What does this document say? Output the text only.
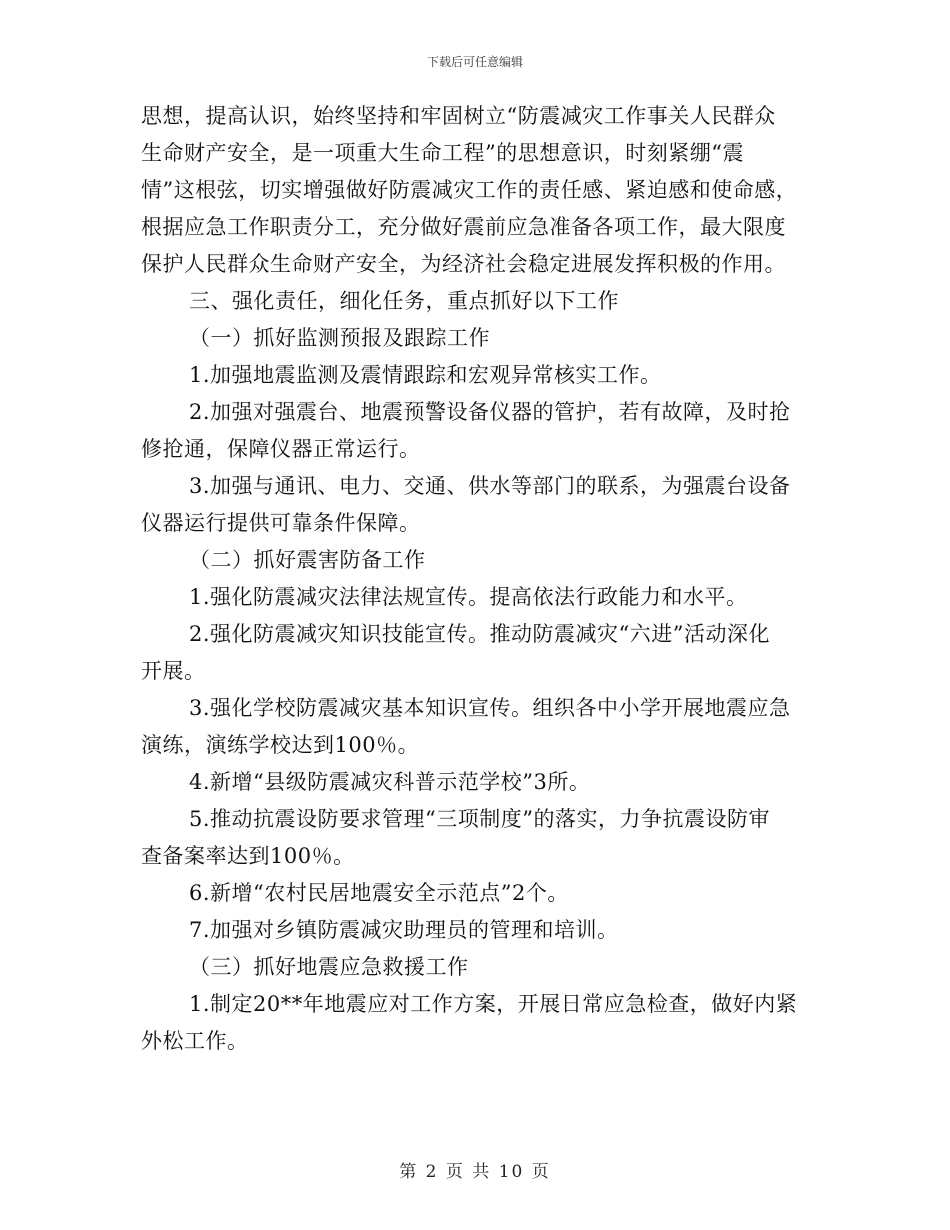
下载后可任意编辑
思想，提高认识，始终坚持和牢固树立“防震减灾工作事关人民群众
生命财产安全，是一项重大生命工程”的思想意识，时刻紧绷“震
情”这根弦，切实增强做好防震减灾工作的责任感、紧迫感和使命感，
根据应急工作职责分工，充分做好震前应急准备各项工作，最大限度
保护人民群众生命财产安全，为经济社会稳定进展发挥积极的作用。
三、强化责任，细化任务，重点抓好以下工作
（一）抓好监测预报及跟踪工作
1.加强地震监测及震情跟踪和宏观异常核实工作。
2.加强对强震台、地震预警设备仪器的管护，若有故障，及时抢
修抢通，保障仪器正常运行。
3.加强与通讯、电力、交通、供水等部门的联系，为强震台设备
仪器运行提供可靠条件保障。
（二）抓好震害防备工作
1.强化防震减灾法律法规宣传。提高依法行政能力和水平。
2.强化防震减灾知识技能宣传。推动防震减灾“六进”活动深化
开展。
3.强化学校防震减灾基本知识宣传。组织各中小学开展地震应急
演练，演练学校达到100％。
4.新增“县级防震减灾科普示范学校”3所。
5.推动抗震设防要求管理“三项制度”的落实，力争抗震设防审
查备案率达到100％。
6.新增“农村民居地震安全示范点”2个。
7.加强对乡镇防震减灾助理员的管理和培训。
（三）抓好地震应急救援工作
1.制定20**年地震应对工作方案，开展日常应急检查，做好内紧
外松工作。
第 2 页 共 10 页
